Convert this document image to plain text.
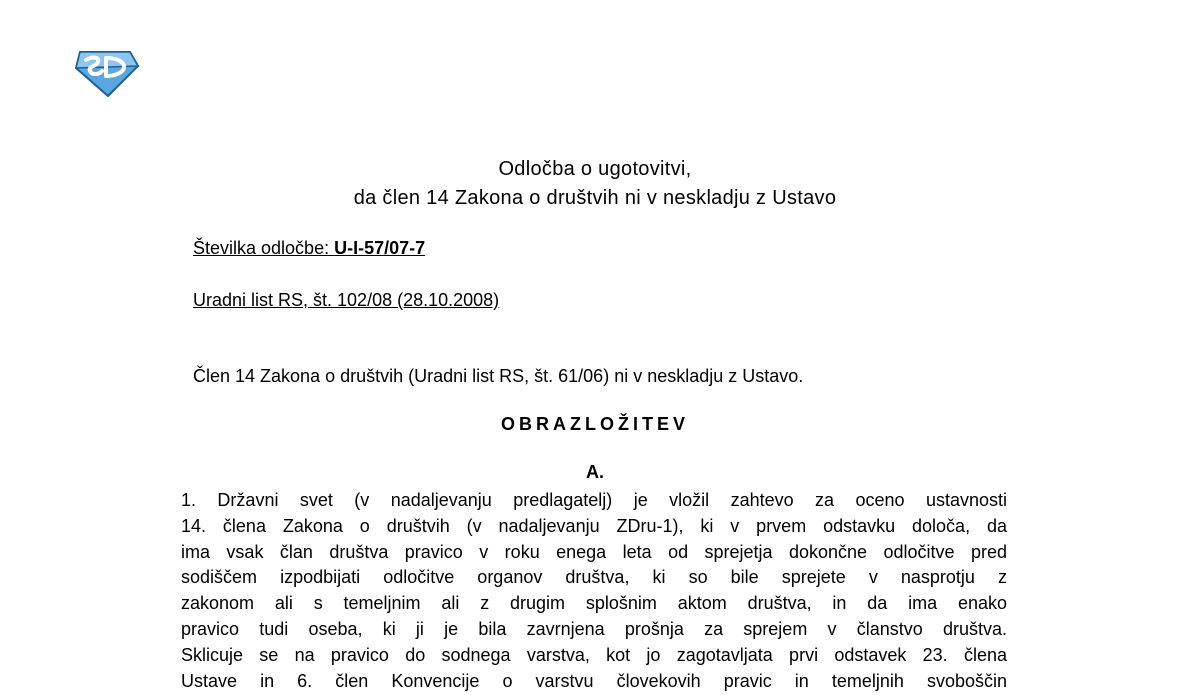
Odločba o ugotovitvi,
da člen 14 Zakona o društvih ni v neskladju z Ustavo
Številka odločbe: U-I-57/07-7
Uradni list RS, št. 102/08 (28.10.2008)
Člen 14 Zakona o društvih (Uradni list RS, št. 61/06) ni v neskladju z Ustavo.
OBRAZLOŽITEV
A.
1. Državni svet (v nadaljevanju predlagatelj) je vložil zahtevo za oceno ustavnosti
14. člena Zakona o društvih (v nadaljevanju ZDru-1), ki v prvem odstavku določa, da
ima vsak član društva pravico v roku enega leta od sprejetja dokončne odločitve pred
sodiščem izpodbijati odločitve organov društva, ki so bile sprejete v nasprotju z
zakonom ali s temeljnim ali z drugim splošnim aktom društva, in da ima enako
pravico tudi oseba, ki ji je bila zavrnjena prošnja za sprejem v članstvo društva.
Sklicuje se na pravico do sodnega varstva, kot jo zagotavljata prvi odstavek 23. člena
Ustave in 6. člen Konvencije o varstvu človekovih pravic in temeljnih svoboščin
